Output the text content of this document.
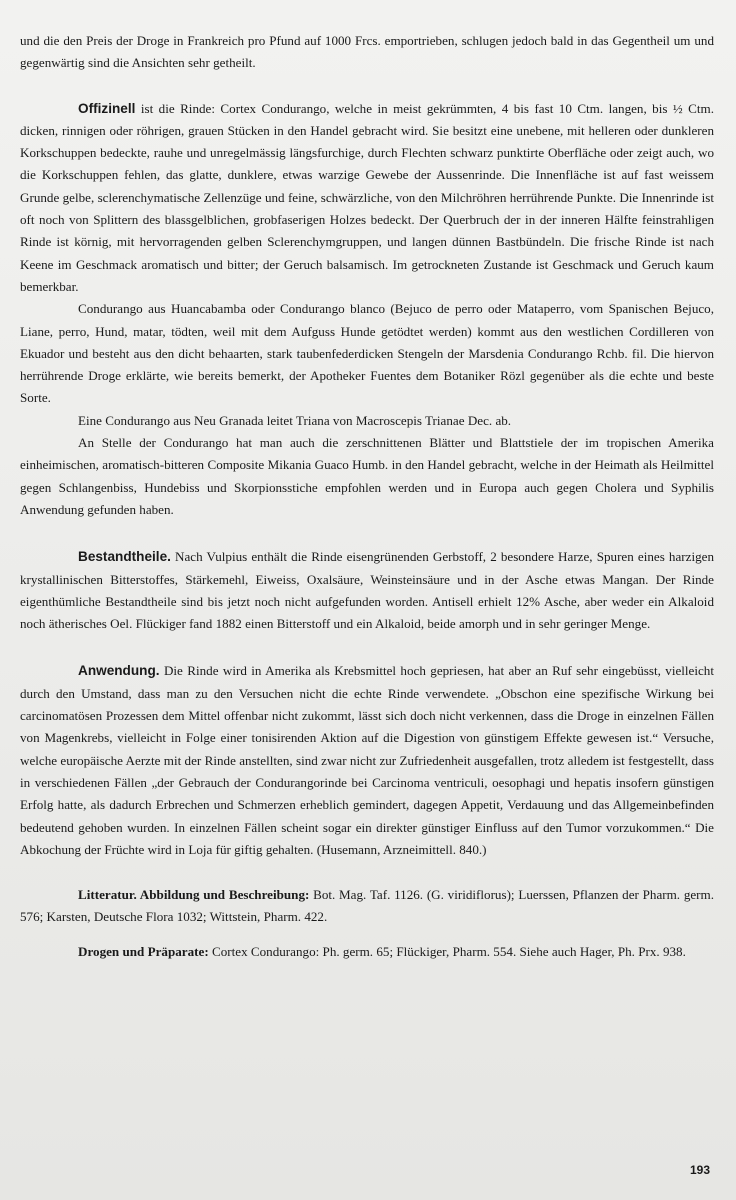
und die den Preis der Droge in Frankreich pro Pfund auf 1000 Frcs. emportrieben, schlugen jedoch bald in das Gegentheil um und gegenwärtig sind die Ansichten sehr getheilt.

Offizinell ist die Rinde: Cortex Condurango, welche in meist gekrümmten, 4 bis fast 10 Ctm. langen, bis ½ Ctm. dicken, rinnigen oder röhrigen, grauen Stücken in den Handel gebracht wird. Sie besitzt eine unebene, mit helleren oder dunkleren Korkschuppen bedeckte, rauhe und unregelmässig längsfurchige, durch Flechten schwarz punktirte Oberfläche oder zeigt auch, wo die Korkschuppen fehlen, das glatte, dunklere, etwas warzige Gewebe der Aussenrinde. Die Innenfläche ist auf fast weissem Grunde gelbe, sclerenchymatische Zellenzüge und feine, schwärzliche, von den Milchröhren herrührende Punkte. Die Innenrinde ist oft noch von Splittern des blassgelblichen, grobfaserigen Holzes bedeckt. Der Querbruch der in der inneren Hälfte feinstrahligen Rinde ist körnig, mit hervorragenden gelben Sclerenchymgruppen, und langen dünnen Bastbündeln. Die frische Rinde ist nach Keene im Geschmack aromatisch und bitter; der Geruch balsamisch. Im getrockneten Zustande ist Geschmack und Geruch kaum bemerkbar.

Condurango aus Huancabamba oder Condurango blanco (Bejuco de perro oder Mataperro, vom Spanischen Bejuco, Liane, perro, Hund, matar, tödten, weil mit dem Aufguss Hunde getödtet werden) kommt aus den westlichen Cordilleren von Ekuador und besteht aus den dicht behaarten, stark taubenfederdicken Stengeln der Marsdenia Condurango Rchb. fil. Die hiervon herrührende Droge erklärte, wie bereits bemerkt, der Apotheker Fuentes dem Botaniker Rözl gegenüber als die echte und beste Sorte.

Eine Condurango aus Neu Granada leitet Triana von Macroscepis Trianae Dec. ab.

An Stelle der Condurango hat man auch die zerschnittenen Blätter und Blattstiele der im tropischen Amerika einheimischen, aromatisch-bitteren Composite Mikania Guaco Humb. in den Handel gebracht, welche in der Heimath als Heilmittel gegen Schlangenbiss, Hundebiss und Skorpionsstiche empfohlen werden und in Europa auch gegen Cholera und Syphilis Anwendung gefunden haben.

Bestandtheile. Nach Vulpius enthält die Rinde eisengrünenden Gerbstoff, 2 besondere Harze, Spuren eines harzigen krystallinischen Bitterstoffes, Stärkemehl, Eiweiss, Oxalsäure, Weinsteinsäure und in der Asche etwas Mangan. Der Rinde eigenthümliche Bestandtheile sind bis jetzt noch nicht aufgefunden worden. Antisell erhielt 12% Asche, aber weder ein Alkaloid noch ätherisches Oel. Flückiger fand 1882 einen Bitterstoff und ein Alkaloid, beide amorph und in sehr geringer Menge.

Anwendung. Die Rinde wird in Amerika als Krebsmittel hoch gepriesen, hat aber an Ruf sehr eingebüsst, vielleicht durch den Umstand, dass man zu den Versuchen nicht die echte Rinde verwendete. „Obschon eine spezifische Wirkung bei carcinomatösen Prozessen dem Mittel offenbar nicht zukommt, lässt sich doch nicht verkennen, dass die Droge in einzelnen Fällen von Magenkrebs, vielleicht in Folge einer tonisirenden Aktion auf die Digestion von günstigem Effekte gewesen ist.“ Versuche, welche europäische Aerzte mit der Rinde anstellten, sind zwar nicht zur Zufriedenheit ausgefallen, trotz alledem ist festgestellt, dass in verschiedenen Fällen „der Gebrauch der Condurangorinde bei Carcinoma ventriculi, oesophagi und hepatis insofern günstigen Erfolg hatte, als dadurch Erbrechen und Schmerzen erheblich gemindert, dagegen Appetit, Verdauung und das Allgemeinbefinden bedeutend gehoben wurden. In einzelnen Fällen scheint sogar ein direkter günstiger Einfluss auf den Tumor vorzukommen.“ Die Abkochung der Früchte wird in Loja für giftig gehalten. (Husemann, Arzneimittell. 840.)

Litteratur. Abbildung und Beschreibung: Bot. Mag. Taf. 1126. (G. viridiflorus); Luerssen, Pflanzen der Pharm. germ. 576; Karsten, Deutsche Flora 1032; Wittstein, Pharm. 422.

Drogen und Präparate: Cortex Condurango: Ph. germ. 65; Flückiger, Pharm. 554. Siehe auch Hager, Ph. Prx. 938.

193
